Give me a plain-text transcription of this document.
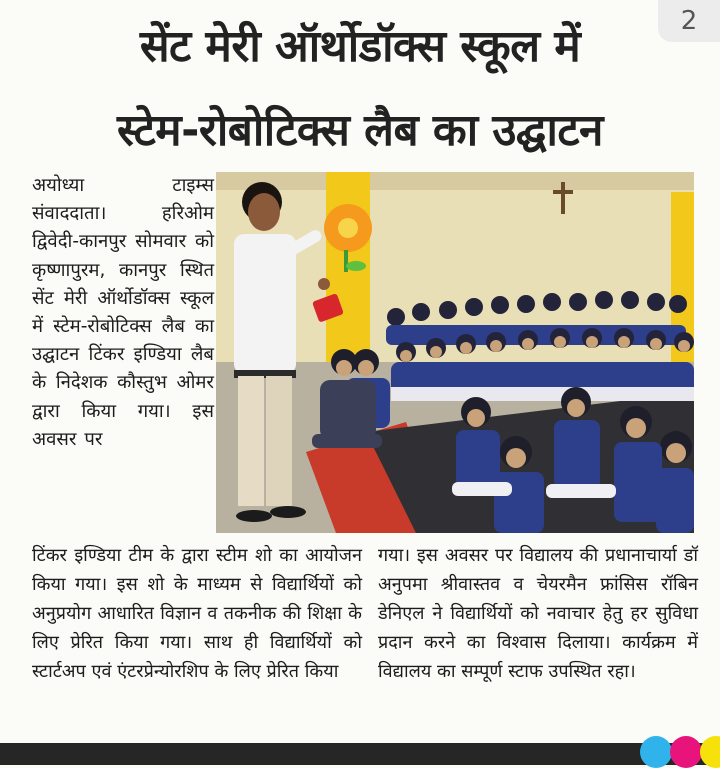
2
सेंट मेरी ऑर्थोडॉक्स स्कूल में
स्टेम-रोबोटिक्स लैब का उद्घाटन
अयोध्या टाइम्स संवाददाता। हरिओम द्विवेदी-कानपुर सोमवार को कृष्णापुरम, कानपुर स्थित सेंट मेरी ऑर्थोडॉक्स स्कूल में स्टेम-रोबोटिक्स लैब का उद्घाटन टिंकर इण्डिया लैब के निदेशक कौस्तुभ ओमर द्वारा किया गया। इस अवसर पर

टिंकर इण्डिया टीम के द्वारा स्टीम शो का आयोजन किया गया। इस शो के माध्यम से विद्यार्थियों को अनुप्रयोग आधारित विज्ञान व तकनीक की शिक्षा के लिए प्रेरित किया गया। साथ ही विद्यार्थियों को स्टार्टअप एवं एंटरप्रेन्योरशिप के लिए प्रेरित किया

गया। इस अवसर पर विद्यालय की प्रधानाचार्या डॉ अनुपमा श्रीवास्तव व चेयरमैन फ्रांसिस रॉबिन डेनिएल ने विद्यार्थियों को नवाचार हेतु हर सुविधा प्रदान करने का विश्वास दिलाया। कार्यक्रम में विद्यालय का सम्पूर्ण स्टाफ उपस्थित रहा।
